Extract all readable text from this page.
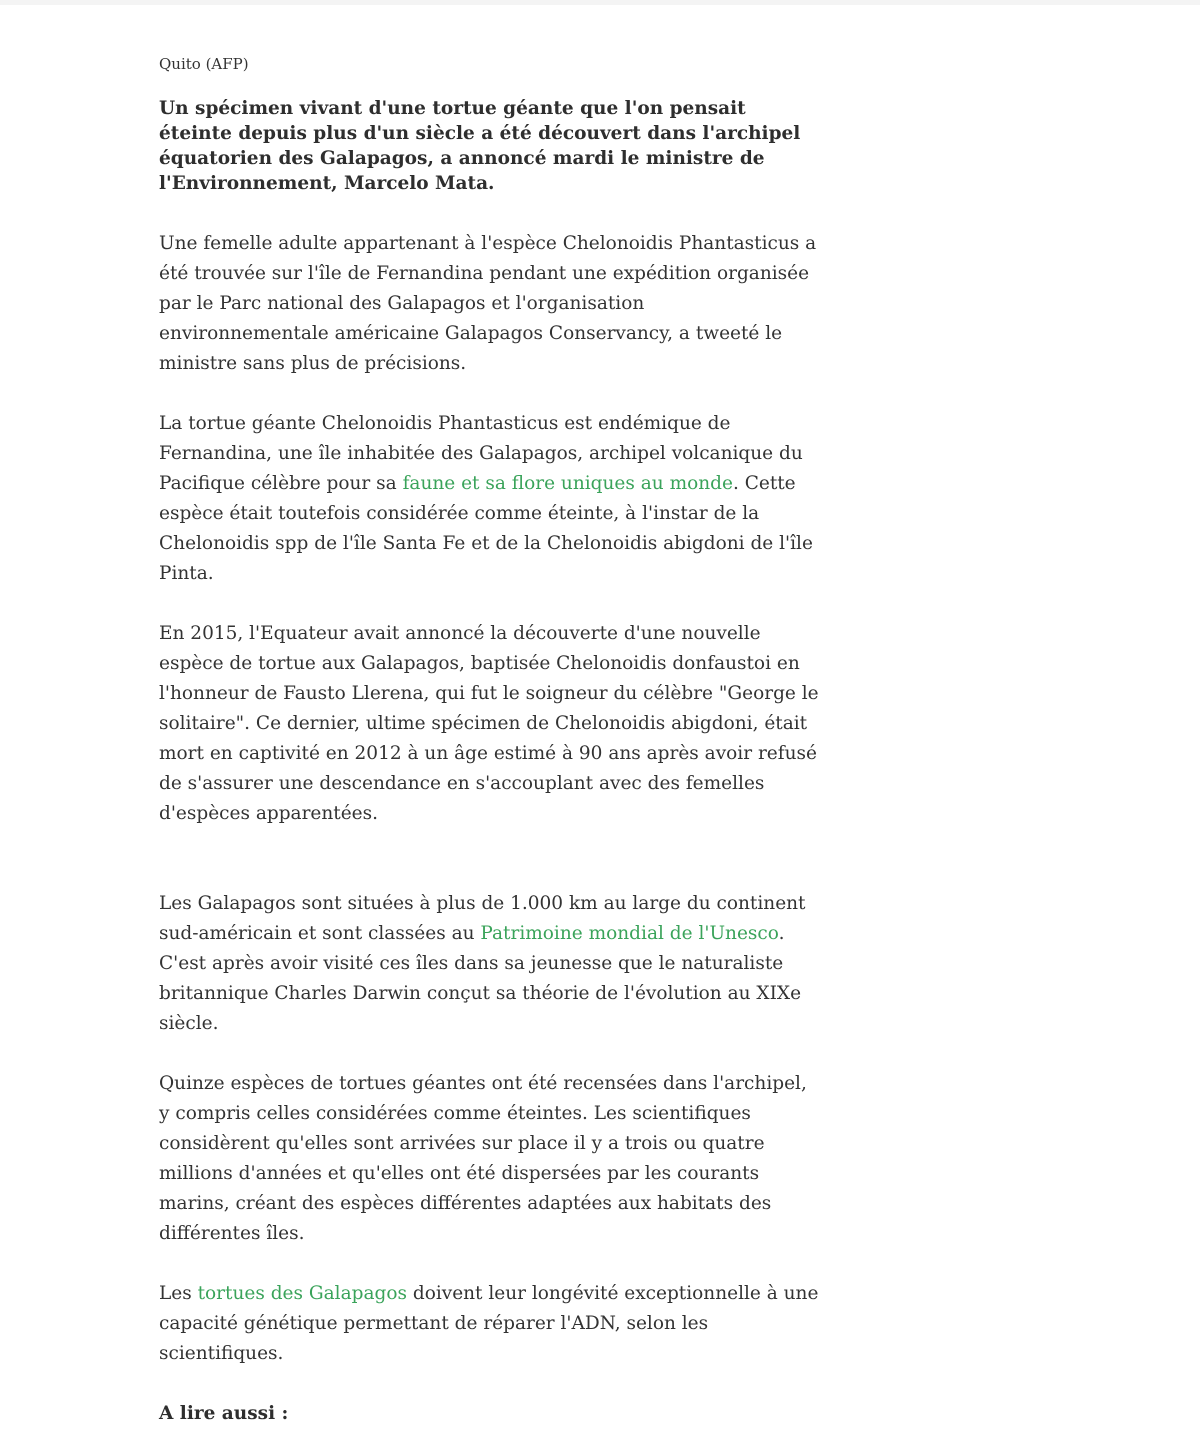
Quito (AFP)

Un spécimen vivant d'une tortue géante que l'on pensait éteinte depuis plus d'un siècle a été découvert dans l'archipel équatorien des Galapagos, a annoncé mardi le ministre de l'Environnement, Marcelo Mata.

Une femelle adulte appartenant à l'espèce Chelonoidis Phantasticus a été trouvée sur l'île de Fernandina pendant une expédition organisée par le Parc national des Galapagos et l'organisation environnementale américaine Galapagos Conservancy, a tweeté le ministre sans plus de précisions.

La tortue géante Chelonoidis Phantasticus est endémique de Fernandina, une île inhabitée des Galapagos, archipel volcanique du Pacifique célèbre pour sa faune et sa flore uniques au monde. Cette espèce était toutefois considérée comme éteinte, à l'instar de la Chelonoidis spp de l'île Santa Fe et de la Chelonoidis abigdoni de l'île Pinta.

En 2015, l'Equateur avait annoncé la découverte d'une nouvelle espèce de tortue aux Galapagos, baptisée Chelonoidis donfaustoi en l'honneur de Fausto Llerena, qui fut le soigneur du célèbre "George le solitaire". Ce dernier, ultime spécimen de Chelonoidis abigdoni, était mort en captivité en 2012 à un âge estimé à 90 ans après avoir refusé de s'assurer une descendance en s'accouplant avec des femelles d'espèces apparentées.

Les Galapagos sont situées à plus de 1.000 km au large du continent sud-américain et sont classées au Patrimoine mondial de l'Unesco. C'est après avoir visité ces îles dans sa jeunesse que le naturaliste britannique Charles Darwin conçut sa théorie de l'évolution au XIXe siècle.

Quinze espèces de tortues géantes ont été recensées dans l'archipel, y compris celles considérées comme éteintes. Les scientifiques considèrent qu'elles sont arrivées sur place il y a trois ou quatre millions d'années et qu'elles ont été dispersées par les courants marins, créant des espèces différentes adaptées aux habitats des différentes îles.

Les tortues des Galapagos doivent leur longévité exceptionnelle à une capacité génétique permettant de réparer l'ADN, selon les scientifiques.

A lire aussi :
